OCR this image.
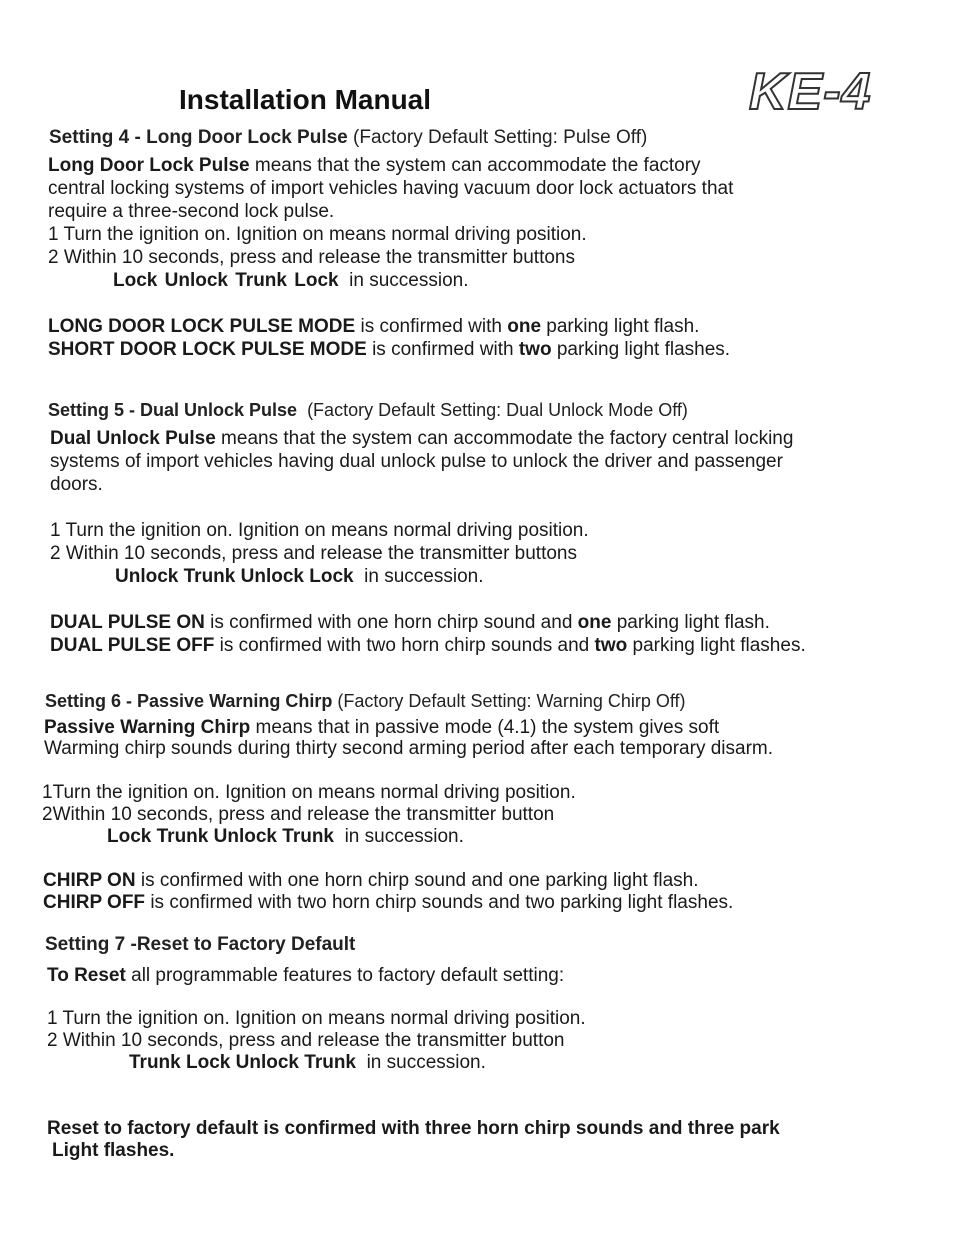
Installation Manual	KE-4
Setting 4 - Long Door Lock Pulse (Factory Default Setting: Pulse Off)
Long Door Lock Pulse means that the system can accommodate the factory
central locking systems of import vehicles having vacuum door lock actuators that
require a three-second lock pulse.
1 Turn the ignition on. Ignition on means normal driving position.
2 Within 10 seconds, press and release the transmitter buttons
Lock Unlock Trunk Lock in succession.
LONG DOOR LOCK PULSE MODE is confirmed with one parking light flash.
SHORT DOOR LOCK PULSE MODE is confirmed with two parking light flashes.
Setting 5 - Dual Unlock Pulse (Factory Default Setting: Dual Unlock Mode Off)
Dual Unlock Pulse means that the system can accommodate the factory central locking
systems of import vehicles having dual unlock pulse to unlock the driver and passenger
doors.
1 Turn the ignition on. Ignition on means normal driving position.
2 Within 10 seconds, press and release the transmitter buttons
Unlock Trunk Unlock Lock in succession.
DUAL PULSE ON is confirmed with one horn chirp sound and one parking light flash.
DUAL PULSE OFF is confirmed with two horn chirp sounds and two parking light flashes.
Setting 6 - Passive Warning Chirp (Factory Default Setting: Warning Chirp Off)
Passive Warning Chirp means that in passive mode (4.1) the system gives soft
Warming chirp sounds during thirty second arming period after each temporary disarm.
1Turn the ignition on. Ignition on means normal driving position.
2Within 10 seconds, press and release the transmitter button
Lock Trunk Unlock Trunk in succession.
CHIRP ON is confirmed with one horn chirp sound and one parking light flash.
CHIRP OFF is confirmed with two horn chirp sounds and two parking light flashes.
Setting 7 -Reset to Factory Default
To Reset all programmable features to factory default setting:
1 Turn the ignition on. Ignition on means normal driving position.
2 Within 10 seconds, press and release the transmitter button
Trunk Lock Unlock Trunk in succession.
Reset to factory default is confirmed with three horn chirp sounds and three park
Light flashes.
